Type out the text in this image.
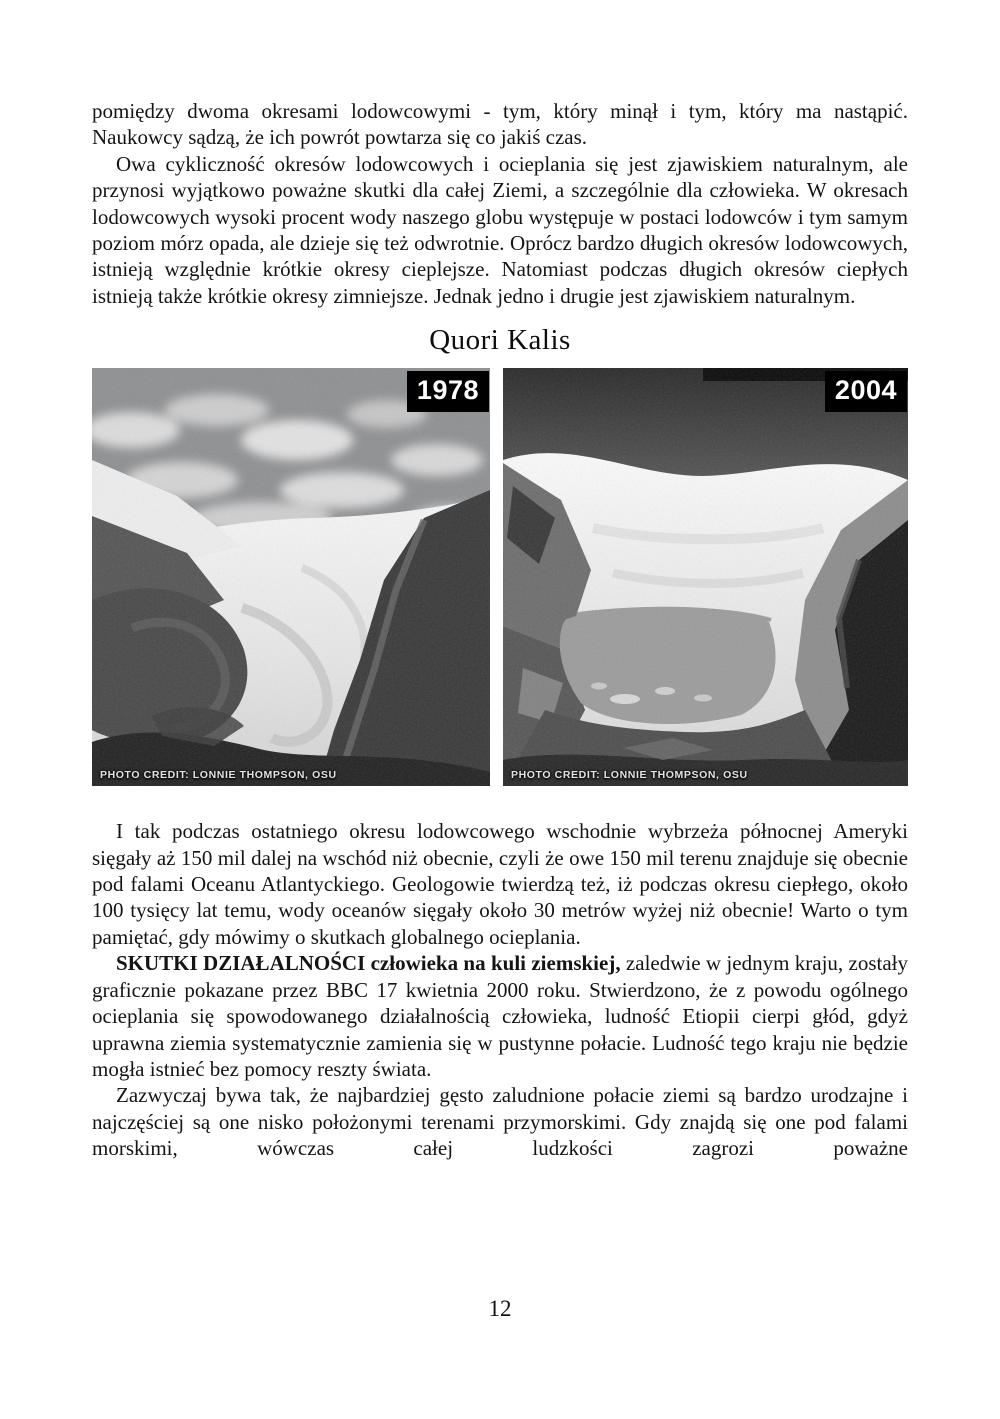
pomiędzy dwoma okresami lodowcowymi - tym, który minął i tym, który ma nastąpić. Naukowcy sądzą, że ich powrót powtarza się co jakiś czas.

Owa cykliczność okresów lodowcowych i ocieplania się jest zjawiskiem naturalnym, ale przynosi wyjątkowo poważne skutki dla całej Ziemi, a szczególnie dla człowieka. W okresach lodowcowych wysoki procent wody naszego globu występuje w postaci lodowców i tym samym poziom mórz opada, ale dzieje się też odwrotnie. Oprócz bardzo długich okresów lodowcowych, istnieją względnie krótkie okresy cieplejsze. Natomiast podczas długich okresów ciepłych istnieją także krótkie okresy zimniejsze. Jednak jedno i drugie jest zjawiskiem naturalnym.

Quori Kalis
1978
PHOTO CREDIT: LONNIE THOMPSON, OSU
2004
PHOTO CREDIT: LONNIE THOMPSON, OSU

I tak podczas ostatniego okresu lodowcowego wschodnie wybrzeża północnej Ameryki sięgały aż 150 mil dalej na wschód niż obecnie, czyli że owe 150 mil terenu znajduje się obecnie pod falami Oceanu Atlantyckiego. Geologowie twierdzą też, iż podczas okresu ciepłego, około 100 tysięcy lat temu, wody oceanów sięgały około 30 metrów wyżej niż obecnie! Warto o tym pamiętać, gdy mówimy o skutkach globalnego ocieplania.

SKUTKI DZIAŁALNOŚCI człowieka na kuli ziemskiej, zaledwie w jednym kraju, zostały graficznie pokazane przez BBC 17 kwietnia 2000 roku. Stwierdzono, że z powodu ogólnego ocieplania się spowodowanego działalnością człowieka, ludność Etiopii cierpi głód, gdyż uprawna ziemia systematycznie zamienia się w pustynne połacie. Ludność tego kraju nie będzie mogła istnieć bez pomocy reszty świata.

Zazwyczaj bywa tak, że najbardziej gęsto zaludnione połacie ziemi są bardzo urodzajne i najczęściej są one nisko położonymi terenami przymorskimi. Gdy znajdą się one pod falami morskimi, wówczas całej ludzkości zagrozi poważne

12
